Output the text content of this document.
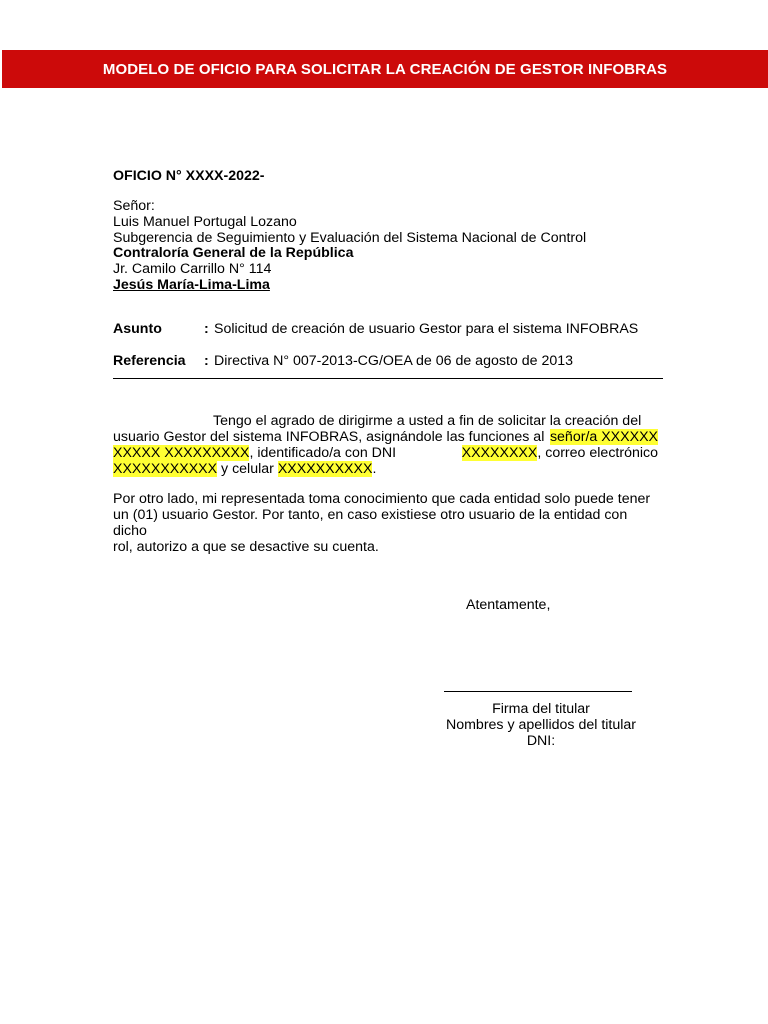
MODELO DE OFICIO PARA SOLICITAR LA CREACIÓN DE GESTOR INFOBRAS
OFICIO N° XXXX-2022-
Señor:
Luis Manuel Portugal Lozano
Subgerencia de Seguimiento y Evaluación del Sistema Nacional de Control
Contraloría General de la República
Jr. Camilo Carrillo N° 114
Jesús María-Lima-Lima
Asunto	: Solicitud de creación de usuario Gestor para el sistema INFOBRAS
Referencia : Directiva N° 007-2013-CG/OEA de 06 de agosto de 2013
Tengo el agrado de dirigirme a usted a fin de solicitar la creación del
usuario Gestor del sistema INFOBRAS, asignándole las funciones al señor/a XXXXXX
XXXXX XXXXXXXXX, identificado/a con DNI	XXXXXXXX, correo electrónico
XXXXXXXXXXX y celular XXXXXXXXXX.
Por otro lado, mi representada toma conocimiento que cada entidad solo puede tener
un (01) usuario Gestor. Por tanto, en caso existiese otro usuario de la entidad con dicho
rol, autorizo a que se desactive su cuenta.
Atentamente,
Firma del titular
Nombres y apellidos del titular
DNI:
